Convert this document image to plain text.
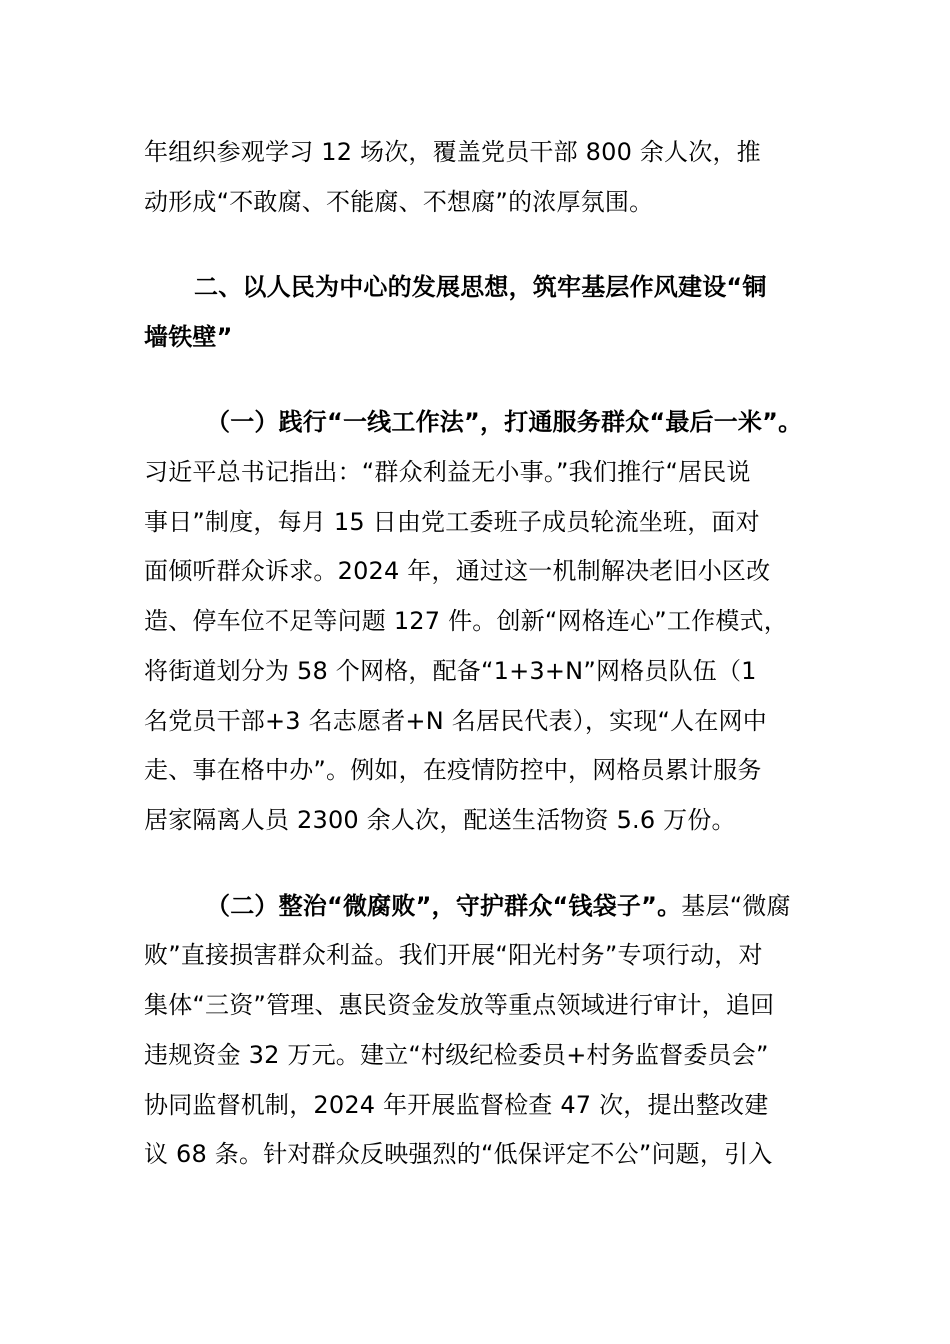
年组织参观学习 12 场次，覆盖党员干部 800 余人次，推
动形成“不敢腐、不能腐、不想腐”的浓厚氛围。
二、以人民为中心的发展思想，筑牢基层作风建设“铜
墙铁壁”
（一）践行“一线工作法”，打通服务群众“最后一米”。
习近平总书记指出：“群众利益无小事。”我们推行“居民说
事日”制度，每月 15 日由党工委班子成员轮流坐班，面对
面倾听群众诉求。2024 年，通过这一机制解决老旧小区改
造、停车位不足等问题 127 件。创新“网格连心”工作模式，
将街道划分为 58 个网格，配备“1+3+N”网格员队伍（1
名党员干部+3 名志愿者+N 名居民代表），实现“人在网中
走、事在格中办”。例如，在疫情防控中，网格员累计服务
居家隔离人员 2300 余人次，配送生活物资 5.6 万份。
（二）整治“微腐败”，守护群众“钱袋子”。基层“微腐
败”直接损害群众利益。我们开展“阳光村务”专项行动，对
集体“三资”管理、惠民资金发放等重点领域进行审计，追回
违规资金 32 万元。建立“村级纪检委员+村务监督委员会”
协同监督机制，2024 年开展监督检查 47 次，提出整改建
议 68 条。针对群众反映强烈的“低保评定不公”问题，引入
